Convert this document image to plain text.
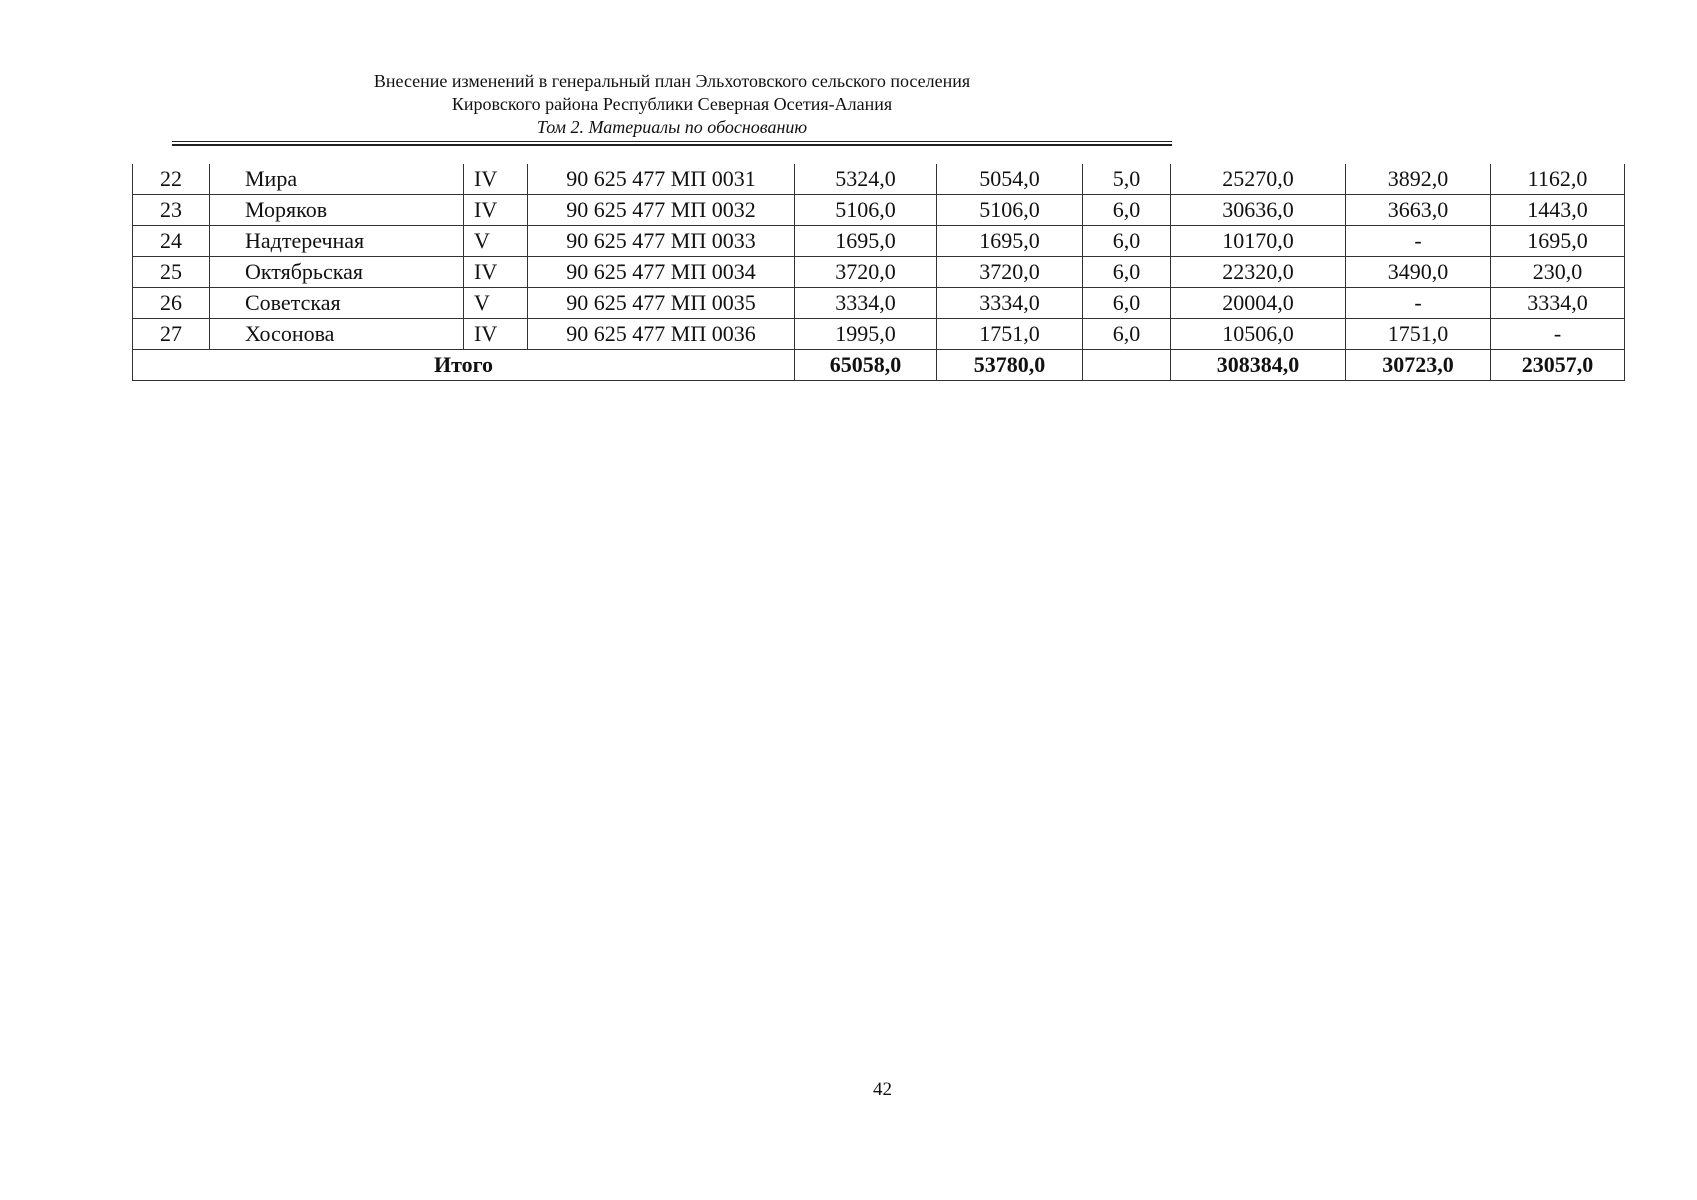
Внесение изменений в генеральный план Эльхотовского сельского поселения
Кировского района Республики Северная Осетия-Алания
Том 2. Материалы по обоснованию
22	Мира	IV	90 625 477 МП 0031	5324,0	5054,0	5,0	25270,0	3892,0	1162,0
23	Моряков	IV	90 625 477 МП 0032	5106,0	5106,0	6,0	30636,0	3663,0	1443,0
24	Надтеречная	V	90 625 477 МП 0033	1695,0	1695,0	6,0	10170,0	-	1695,0
25	Октябрьская	IV	90 625 477 МП 0034	3720,0	3720,0	6,0	22320,0	3490,0	230,0
26	Советская	V	90 625 477 МП 0035	3334,0	3334,0	6,0	20004,0	-	3334,0
27	Хосонова	IV	90 625 477 МП 0036	1995,0	1751,0	6,0	10506,0	1751,0	-
Итого				65058,0	53780,0		308384,0	30723,0	23057,0
42
